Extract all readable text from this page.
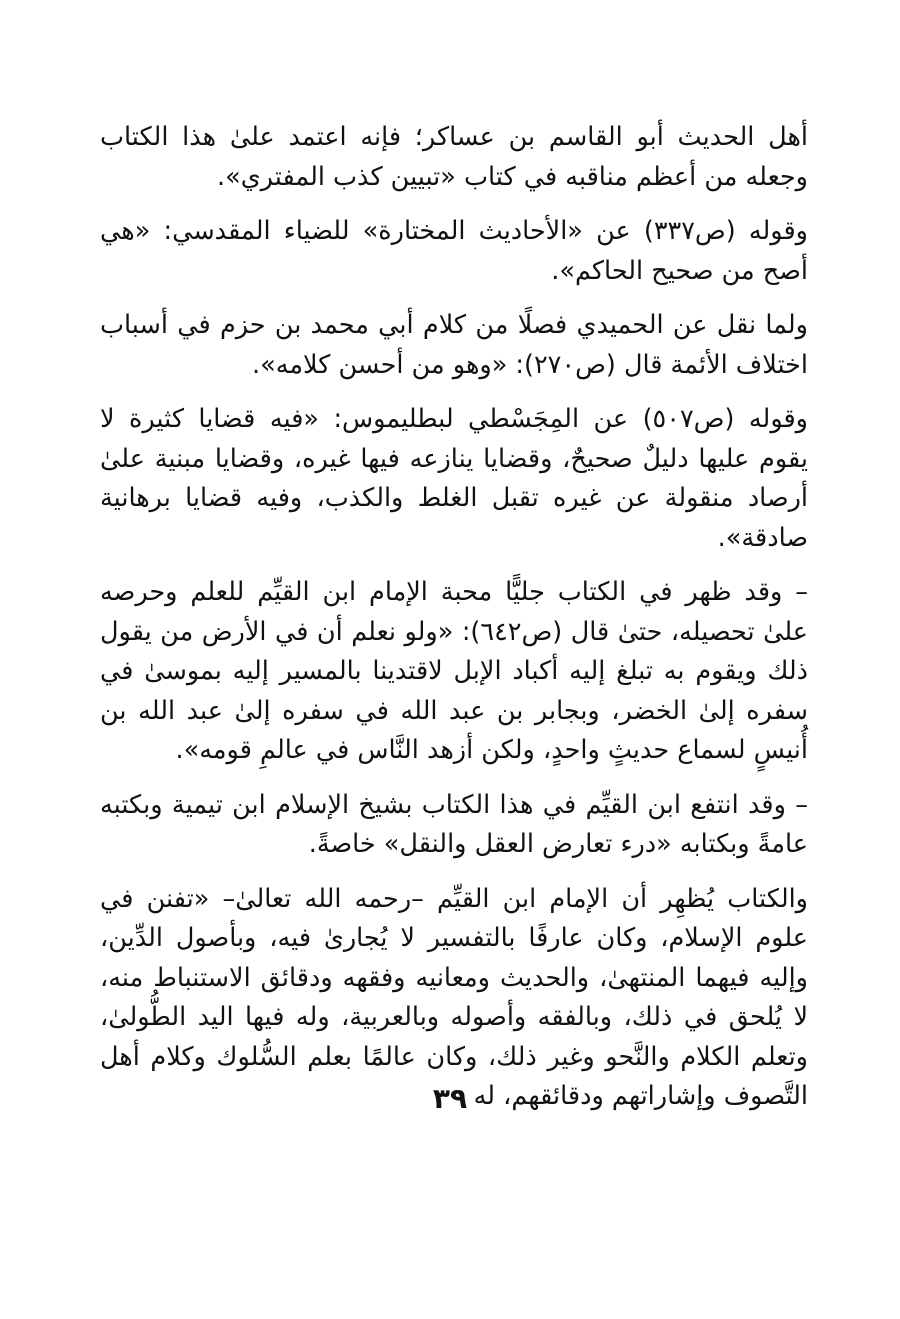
أهل الحديث أبو القاسم بن عساكر؛ فإنه اعتمد علىٰ هذا الكتاب وجعله من أعظم مناقبه في كتاب «تبيين كذب المفتري».

وقوله (ص٣٣٧) عن «الأحاديث المختارة» للضياء المقدسي: «هي أصح من صحيح الحاكم».

ولما نقل عن الحميدي فصلًا من كلام أبي محمد بن حزم في أسباب اختلاف الأئمة قال (ص٢٧٠): «وهو من أحسن كلامه».

وقوله (ص٥٠٧) عن المِجَسْطي لبطليموس: «فيه قضايا كثيرة لا يقوم عليها دليلٌ صحيحٌ، وقضايا ينازعه فيها غيره، وقضايا مبنية علىٰ أرصاد منقولة عن غيره تقبل الغلط والكذب، وفيه قضايا برهانية صادقة».

– وقد ظهر في الكتاب جليًّا محبة الإمام ابن القيِّم للعلم وحرصه علىٰ تحصيله، حتىٰ قال (ص٦٤٢): «ولو نعلم أن في الأرض من يقول ذلك ويقوم به تبلغ إليه أكباد الإبل لاقتدينا بالمسير إليه بموسىٰ في سفره إلىٰ الخضر، وبجابر بن عبد الله في سفره إلىٰ عبد الله بن أُنيسٍ لسماع حديثٍ واحدٍ، ولكن أزهد النَّاس في عالمِ قومه».

– وقد انتفع ابن القيِّم في هذا الكتاب بشيخ الإسلام ابن تيمية وبكتبه عامةً وبكتابه «درء تعارض العقل والنقل» خاصةً.

والكتاب يُظهِر أن الإمام ابن القيِّم –رحمه الله تعالىٰ– «تفنن في علوم الإسلام، وكان عارفًا بالتفسير لا يُجارىٰ فيه، وبأصول الدِّين، وإليه فيهما المنتهىٰ، والحديث ومعانيه وفقهه ودقائق الاستنباط منه، لا يُلحق في ذلك، وبالفقه وأصوله وبالعربية، وله فيها اليد الطُّولىٰ، وتعلم الكلام والنَّحو وغير ذلك، وكان عالمًا بعلم السُّلوك وكلام أهل التَّصوف وإشاراتهم ودقائقهم، له

٣٩
